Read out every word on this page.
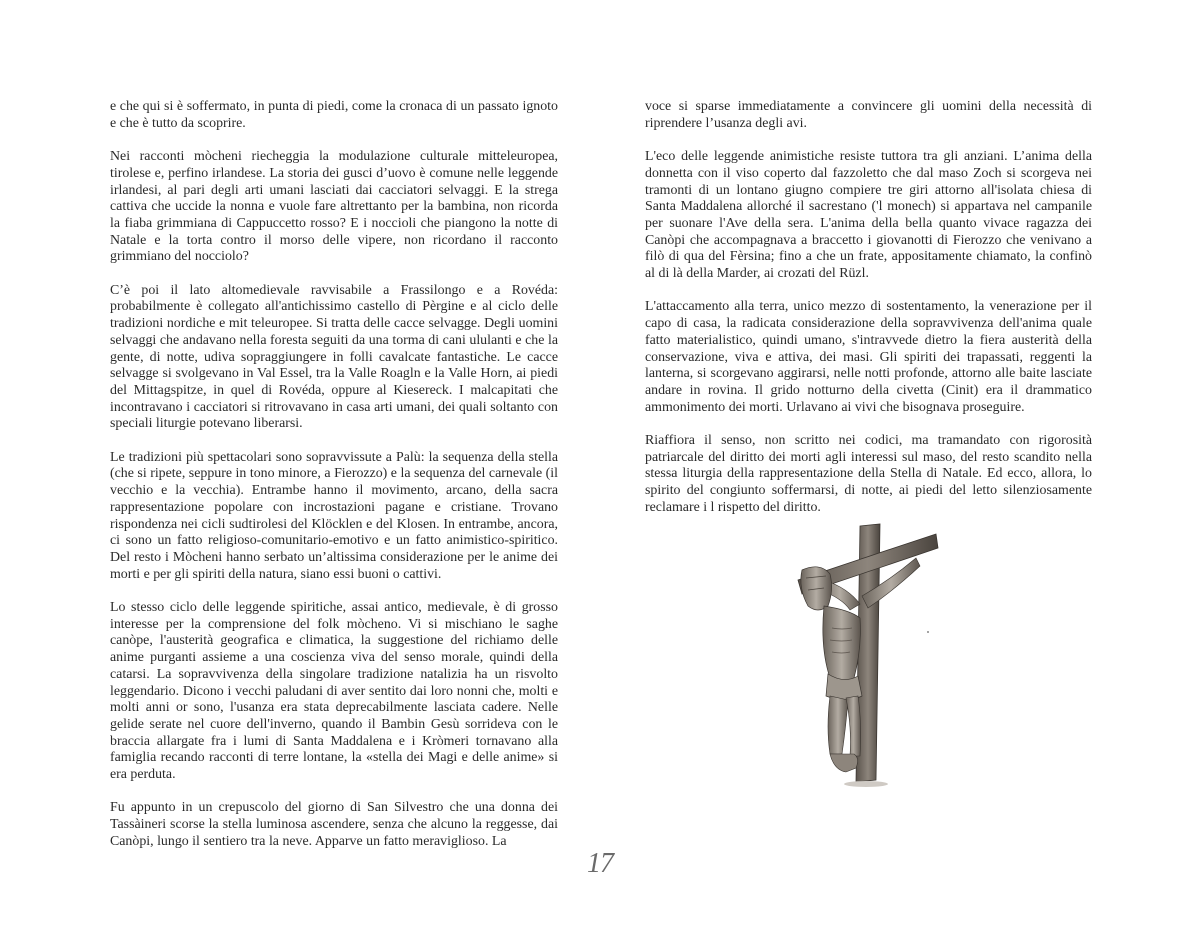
e che qui si è soffermato, in punta di piedi, come la cronaca di un passato ignoto e che è tutto da scoprire.

Nei racconti mòcheni riecheggia la modulazione culturale mitteleuropea, tirolese e, perfino irlandese. La storia dei gusci d’uovo è comune nelle leggende irlandesi, al pari degli arti umani lasciati dai cacciatori selvaggi. E la strega cattiva che uccide la nonna e vuole fare altrettanto per la bambina, non ricorda la fiaba grimmiana di Cappuccetto rosso? E i noccioli che piangono la notte di Natale e la torta contro il morso delle vipere, non ricordano il racconto grimmiano del nocciolo?

C’è poi il lato altomedievale ravvisabile a Frassilongo e a Rovéda: probabilmente è collegato all'antichissimo castello di Pèrgine e al ciclo delle tradizioni nordiche e mit teleuropee. Si tratta delle cacce selvagge. Degli uomini selvaggi che andavano nella foresta seguiti da una torma di cani ululanti e che la gente, di notte, udiva sopraggiungere in folli cavalcate fantastiche. Le cacce selvagge si svolgevano in Val Essel, tra la Valle Roagln e la Valle Horn, ai piedi del Mittagspitze, in quel di Rovéda, oppure al Kiesereck. I malcapitati che incontravano i cacciatori si ritrovavano in casa arti umani, dei quali soltanto con speciali liturgie potevano liberarsi.

Le tradizioni più spettacolari sono sopravvissute a Palù: la sequenza della stella (che si ripete, seppure in tono minore, a Fierozzo) e la sequenza del carnevale (il vecchio e la vecchia). Entrambe hanno il movimento, arcano, della sacra rappresentazione popolare con incrostazioni pagane e cristiane. Trovano rispondenza nei cicli sudtirolesi del Klöcklen e del Klosen. In entrambe, ancora, ci sono un fatto religioso-comunitario-emotivo e un fatto animistico-spiritico. Del resto i Mòcheni hanno serbato un’altissima considerazione per le anime dei morti e per gli spiriti della natura, siano essi buoni o cattivi.

Lo stesso ciclo delle leggende spiritiche, assai antico, medievale, è di grosso interesse per la comprensione del folk mòcheno. Vi si mischiano le saghe canòpe, l'austerità geografica e climatica, la suggestione del richiamo delle anime purganti assieme a una coscienza viva del senso morale, quindi della catarsi. La sopravvivenza della singolare tradizione natalizia ha un risvolto leggendario. Dicono i vecchi paludani di aver sentito dai loro nonni che, molti e molti anni or sono, l'usanza era stata deprecabilmente lasciata cadere. Nelle gelide serate nel cuore dell'inverno, quando il Bambin Gesù sorrideva con le braccia allargate fra i lumi di Santa Maddalena e i Kròmeri tornavano alla famiglia recando racconti di terre lontane, la «stella dei Magi e delle anime» si era perduta.

Fu appunto in un crepuscolo del giorno di San Silvestro che una donna dei Tassàineri scorse la stella luminosa ascendere, senza che alcuno la reggesse, dai Canòpi, lungo il sentiero tra la neve. Apparve un fatto meraviglioso. La

voce si sparse immediatamente a convincere gli uomini della necessità di riprendere l’usanza degli avi.

L'eco delle leggende animistiche resiste tuttora tra gli anziani. L’anima della donnetta con il viso coperto dal fazzoletto che dal maso Zoch si scorgeva nei tramonti di un lontano giugno compiere tre giri attorno all'isolata chiesa di Santa Maddalena allorché il sacrestano ('l monech) si appartava nel campanile per suonare l'Ave della sera. L'anima della bella quanto vivace ragazza dei Canòpi che accompagnava a braccetto i giovanotti di Fierozzo che venivano a filò di qua del Fèrsina; fino a che un frate, appositamente chiamato, la confinò al di là della Marder, ai crozati del Rüzl.

L'attaccamento alla terra, unico mezzo di sostentamento, la venerazione per il capo di casa, la radicata considerazione della sopravvivenza dell'anima quale fatto materialistico, quindi umano, s'intravvede dietro la fiera austerità della conservazione, viva e attiva, dei masi. Gli spiriti dei trapassati, reggenti la lanterna, si scorgevano aggirarsi, nelle notti profonde, attorno alle baite lasciate andare in rovina. Il grido notturno della civetta (Cinit) era il drammatico ammonimento dei morti. Urlavano ai vivi che bisognava proseguire.

Riaffiora il senso, non scritto nei codici, ma tramandato con rigorosità patriarcale del diritto dei morti agli interessi sul maso, del resto scandito nella stessa liturgia della rappresentazione della Stella di Natale. Ed ecco, allora, lo spirito del congiunto soffermarsi, di notte, ai piedi del letto silenziosamente reclamare i l rispetto del diritto.

17
